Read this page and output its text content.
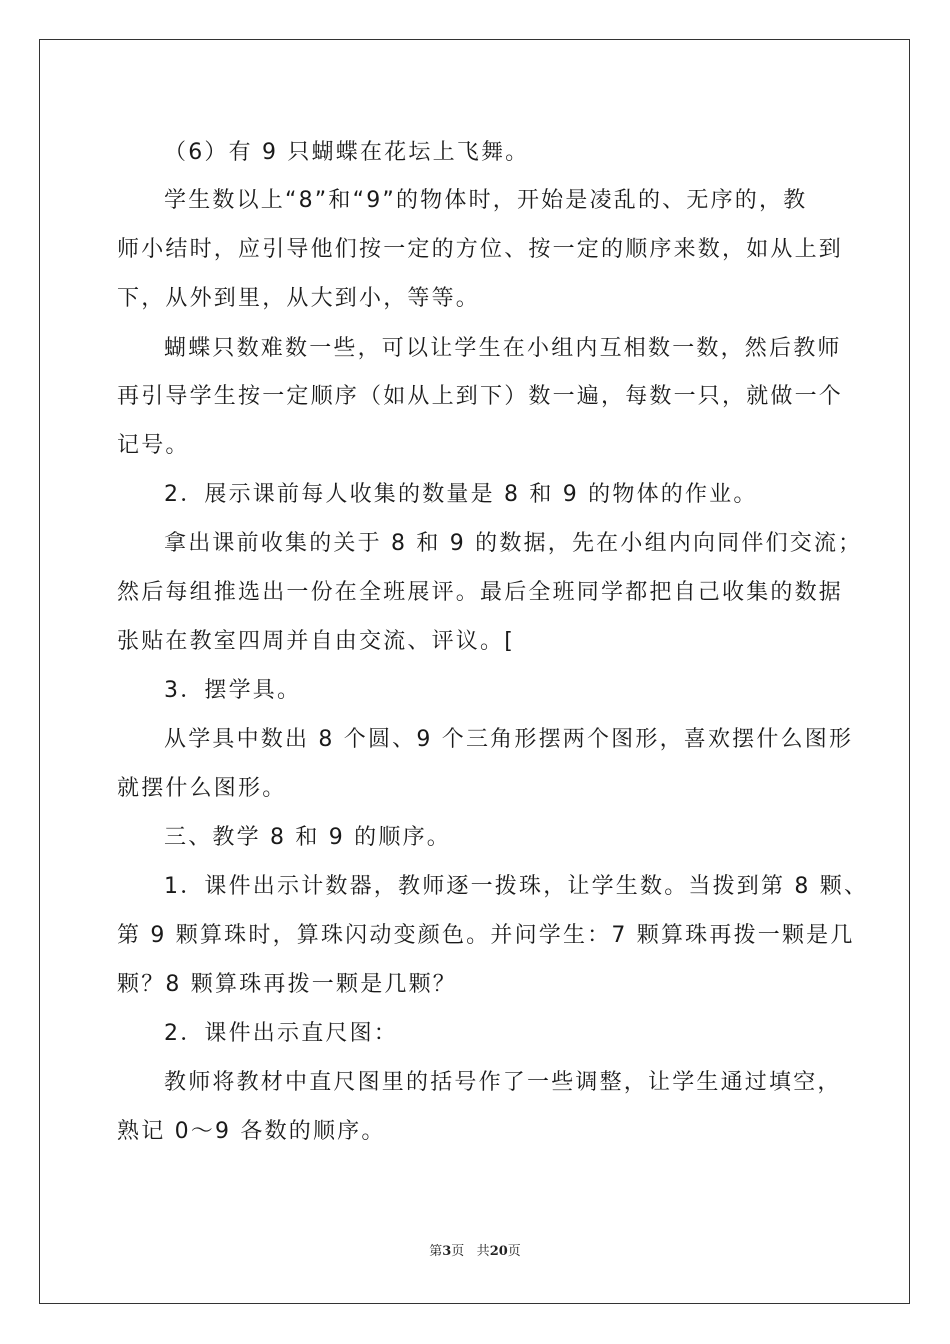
（6）有 9 只蝴蝶在花坛上飞舞。
学生数以上“8”和“9”的物体时，开始是凌乱的、无序的，教
师小结时，应引导他们按一定的方位、按一定的顺序来数，如从上到
下，从外到里，从大到小，等等。
蝴蝶只数难数一些，可以让学生在小组内互相数一数，然后教师
再引导学生按一定顺序（如从上到下）数一遍，每数一只，就做一个
记号。
2．展示课前每人收集的数量是 8 和 9 的物体的作业。
拿出课前收集的关于 8 和 9 的数据，先在小组内向同伴们交流；
然后每组推选出一份在全班展评。最后全班同学都把自己收集的数据
张贴在教室四周并自由交流、评议。[
3．摆学具。
从学具中数出 8 个圆、9 个三角形摆两个图形，喜欢摆什么图形
就摆什么图形。
三、教学 8 和 9 的顺序。
1．课件出示计数器，教师逐一拨珠，让学生数。当拨到第 8 颗、
第 9 颗算珠时，算珠闪动变颜色。并问学生：7 颗算珠再拨一颗是几
颗？8 颗算珠再拨一颗是几颗？
2．课件出示直尺图：
教师将教材中直尺图里的括号作了一些调整，让学生通过填空，
熟记 0～9 各数的顺序。
第3页 共20页
